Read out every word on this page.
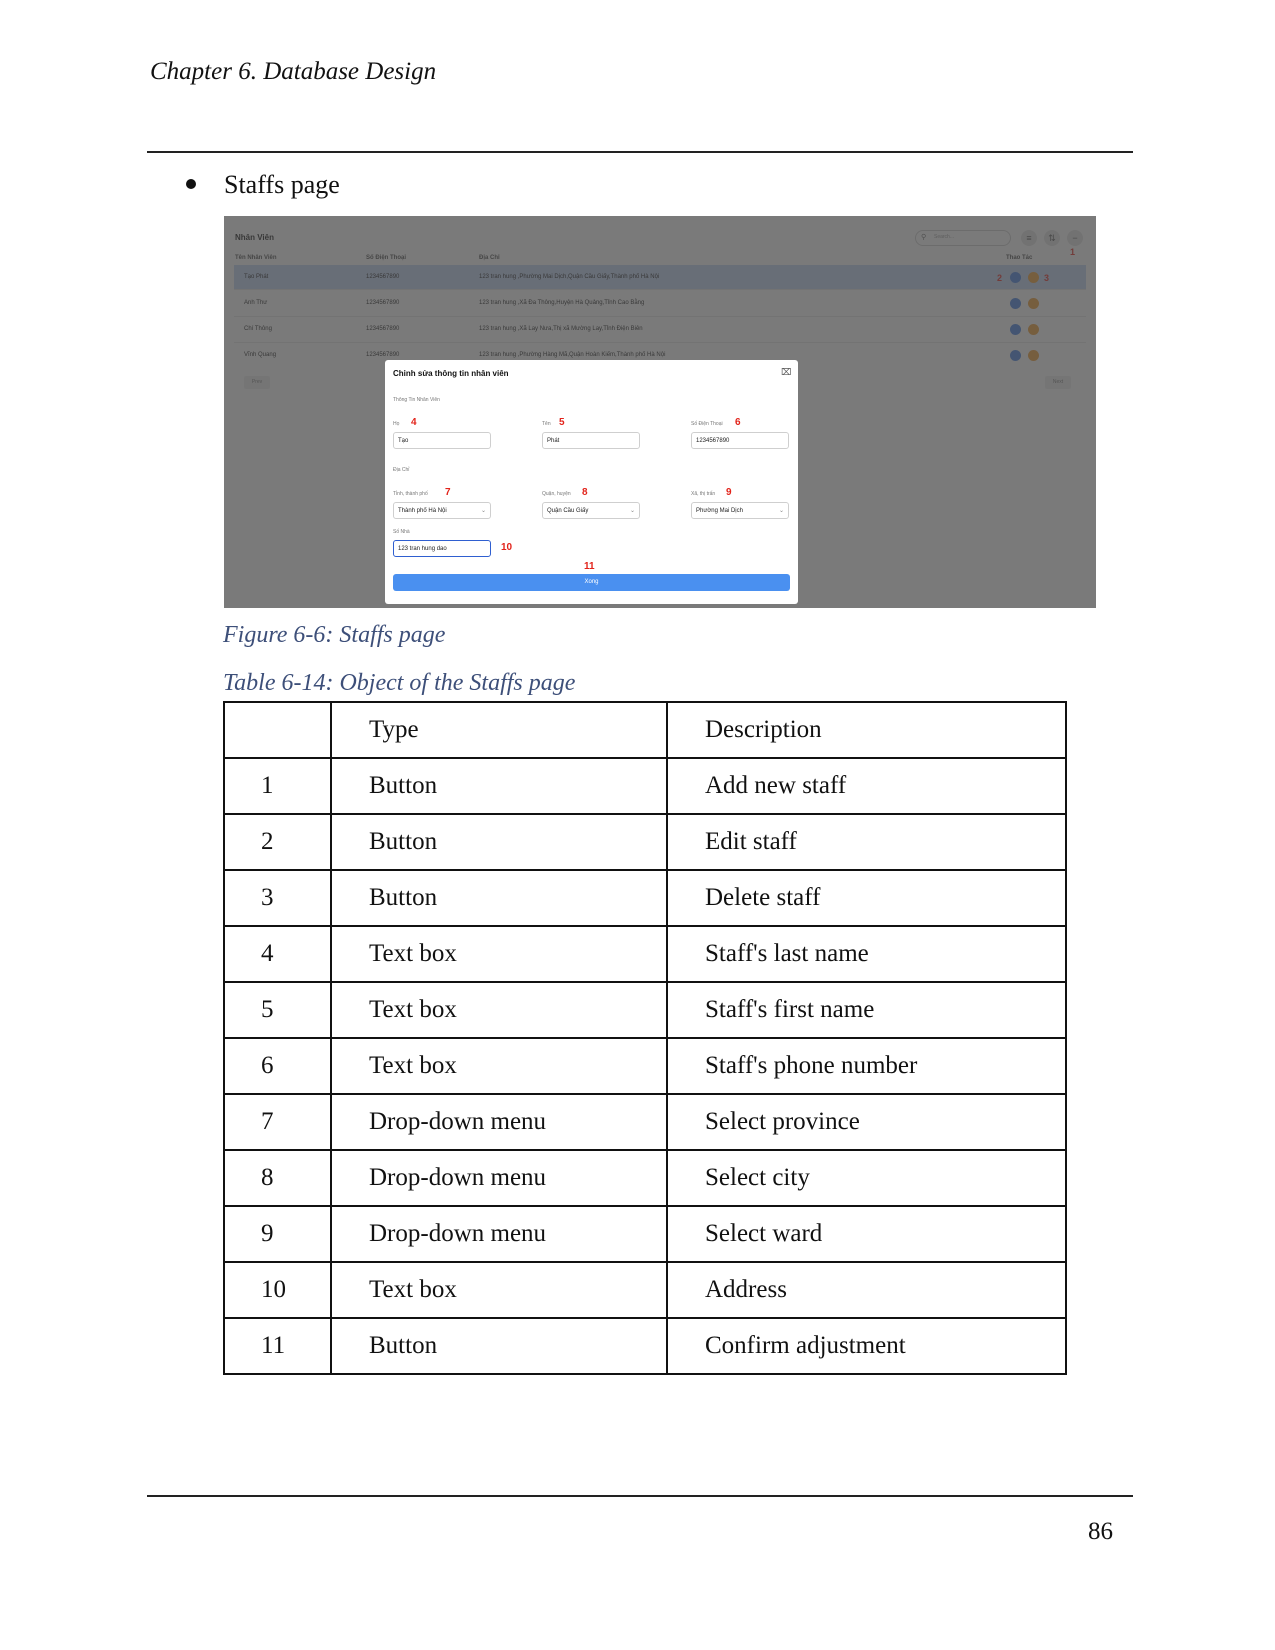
Chapter 6. Database Design
Staffs page
Chỉnh sửa thông tin nhân viên	⌧
Thông Tin Nhân Viên
Họ 4
Tạo
Tên 5
Phát
Số Điện Thoại 6
1234567890
Địa Chỉ
Tỉnh, thành phố 7
Thành phố Hà Nội	⌄
Quận, huyện 8
Quận Cầu Giấy	⌄
Xã, thị trấn 9
Phường Mai Dịch	⌄
Số Nhà
123 tran hung dao	10
11
Xong
Figure 6-6: Staffs page
Table 6-14: Object of the Staffs page
	Type	Description
1	Button	Add new staff
2	Button	Edit staff
3	Button	Delete staff
4	Text box	Staff's last name
5	Text box	Staff's first name
6	Text box	Staff's phone number
7	Drop-down menu	Select province
8	Drop-down menu	Select city
9	Drop-down menu	Select ward
10	Text box	Address
11	Button	Confirm adjustment
86
